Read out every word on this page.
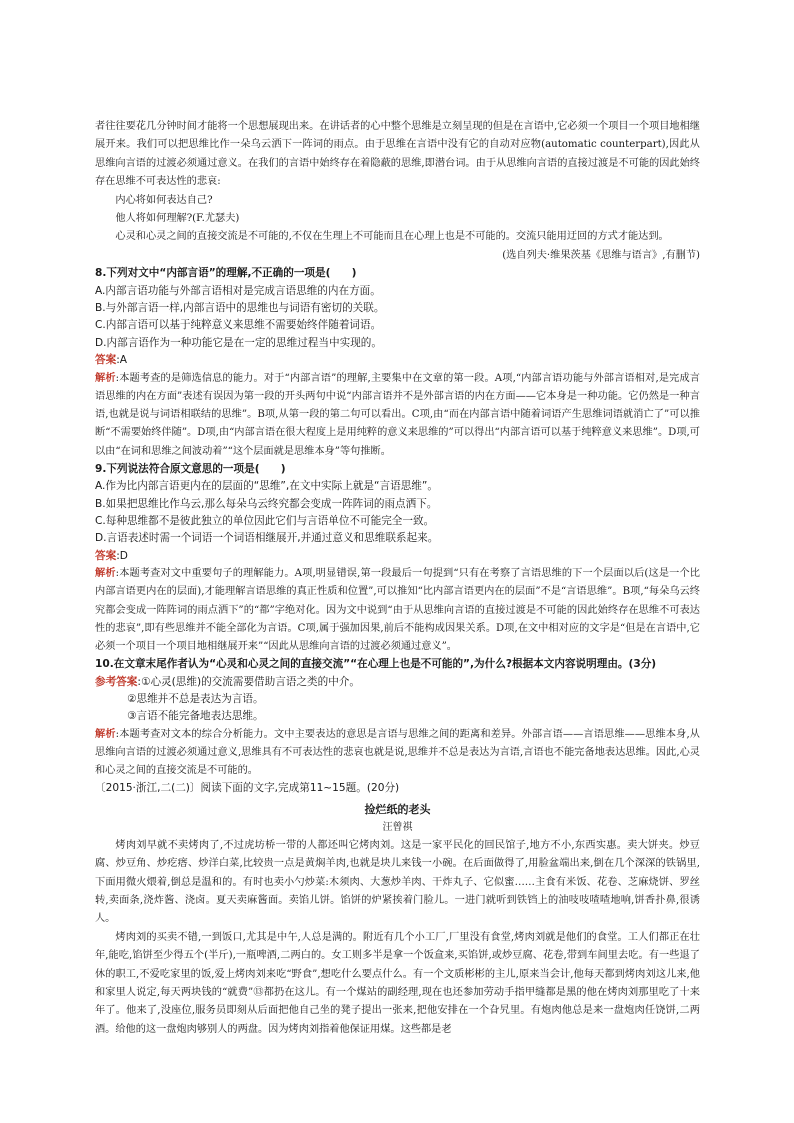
者往往要花几分钟时间才能将一个思想展现出来。在讲话者的心中整个思维是立刻呈现的但是在言语中,它必须一个项目一个项目地相继展开来。我们可以把思维比作一朵乌云洒下一阵词的雨点。由于思维在言语中没有它的自动对应物(automatic counterpart),因此从思维向言语的过渡必须通过意义。在我们的言语中始终存在着隐蔽的思维,即潜台词。由于从思维向言语的直接过渡是不可能的因此始终存在思维不可表达性的悲哀:

内心将如何表达自己?

他人将如何理解?(F.尤瑟夫)

心灵和心灵之间的直接交流是不可能的,不仅在生理上不可能而且在心理上也是不可能的。交流只能用迂回的方式才能达到。

(选自列夫·维果茨基《思维与语言》,有删节)

8.下列对文中“内部言语”的理解,不正确的一项是(　　)

A.内部言语功能与外部言语相对是完成言语思维的内在方面。

B.与外部言语一样,内部言语中的思维也与词语有密切的关联。

C.内部言语可以基于纯粹意义来思维不需要始终伴随着词语。

D.内部言语作为一种功能它是在一定的思维过程当中实现的。

答案:A

解析:本题考查的是筛选信息的能力。对于“内部言语”的理解,主要集中在文章的第一段。A项,“内部言语功能与外部言语相对,是完成言语思维的内在方面”表述有误因为第一段的开头两句中说“内部言语并不是外部言语的内在方面——它本身是一种功能。它仍然是一种言语,也就是说与词语相联结的思维”。B项,从第一段的第二句可以看出。C项,由“而在内部言语中随着词语产生思维词语就消亡了”可以推断“不需要始终伴随”。D项,由“内部言语在很大程度上是用纯粹的意义来思维的”可以得出“内部言语可以基于纯粹意义来思维”。D项,可以由“在词和思维之间波动着”“这个层面就是思维本身”等句推断。

9.下列说法符合原文意思的一项是(　　)

A.作为比内部言语更内在的层面的“思维”,在文中实际上就是“言语思维”。

B.如果把思维比作乌云,那么每朵乌云终究都会变成一阵阵词的雨点洒下。

C.每种思维都不是彼此独立的单位因此它们与言语单位不可能完全一致。

D.言语表述时需一个词语一个词语相继展开,并通过意义和思维联系起来。

答案:D

解析:本题考查对文中重要句子的理解能力。A项,明显错误,第一段最后一句提到“只有在考察了言语思维的下一个层面以后(这是一个比内部言语更内在的层面),才能理解言语思维的真正性质和位置”,可以推知“比内部言语更内在的层面”不是“言语思维”。B项,“每朵乌云终究都会变成一阵阵词的雨点洒下”的“都”字绝对化。因为文中说到“由于从思维向言语的直接过渡是不可能的因此始终存在思维不可表达性的悲哀”,即有些思维并不能全部化为言语。C项,属于强加因果,前后不能构成因果关系。D项,在文中相对应的文字是“但是在言语中,它必须一个项目一个项目地相继展开来”“因此从思维向言语的过渡必须通过意义”。

10.在文章末尾作者认为“心灵和心灵之间的直接交流”“在心理上也是不可能的”,为什么?根据本文内容说明理由。(3分)

参考答案:①心灵(思维)的交流需要借助言语之类的中介。

②思维并不总是表达为言语。

③言语不能完备地表达思维。

解析:本题考查对文本的综合分析能力。文中主要表达的意思是言语与思维之间的距离和差异。外部言语——言语思维——思维本身,从思维向言语的过渡必须通过意义,思维具有不可表达性的悲哀也就是说,思维并不总是表达为言语,言语也不能完备地表达思维。因此,心灵和心灵之间的直接交流是不可能的。

〔2015·浙江,二(二)〕阅读下面的文字,完成第11~15题。(20分)

捡烂纸的老头

汪曾祺

烤肉刘早就不卖烤肉了,不过虎坊桥一带的人都还叫它烤肉刘。这是一家平民化的回民馆子,地方不小,东西实惠。卖大饼夹。炒豆腐、炒豆角、炒疙瘩、炒洋白菜,比较贵一点是黄焖羊肉,也就是块儿来钱一小碗。在后面做得了,用脸盆端出来,倒在几个深深的铁锅里,下面用微火煨着,倒总是温和的。有时也卖小勺炒菜:木须肉、大葱炒羊肉、干炸丸子、它似蜜……主食有米饭、花卷、芝麻烧饼、罗丝转,卖面条,浇炸酱、浇卤。夏天卖麻酱面。卖馅儿饼。馅饼的炉紧挨着门脸儿。一进门就听到铁铛上的油吱吱喳喳地响,饼香扑鼻,很诱人。

烤肉刘的买卖不错,一到饭口,尤其是中午,人总是满的。附近有几个小工厂,厂里没有食堂,烤肉刘就是他们的食堂。工人们都正在壮年,能吃,馅饼至少得五个(半斤),一瓶啤酒,二两白的。女工则多半是拿一个饭盒来,买馅饼,或炒豆腐、花卷,带到车间里去吃。有一些退了休的职工,不爱吃家里的饭,爱上烤肉刘来吃“野食”,想吃什么要点什么。有一个文质彬彬的主儿,原来当会计,他每天都到烤肉刘这儿来,他和家里人说定,每天两块钱的“就费”⑬都扔在这儿。有一个煤站的副经理,现在也还参加劳动手指甲缝都是黑的他在烤肉刘那里吃了十来年了。他来了,没座位,服务员即刻从后面把他自己坐的凳子提出一张来,把他安排在一个旮旯里。有炮肉他总是来一盘炮肉任饶饼,二两酒。给他的这一盘炮肉够别人的两盘。因为烤肉刘指着他保证用煤。这些都是老
